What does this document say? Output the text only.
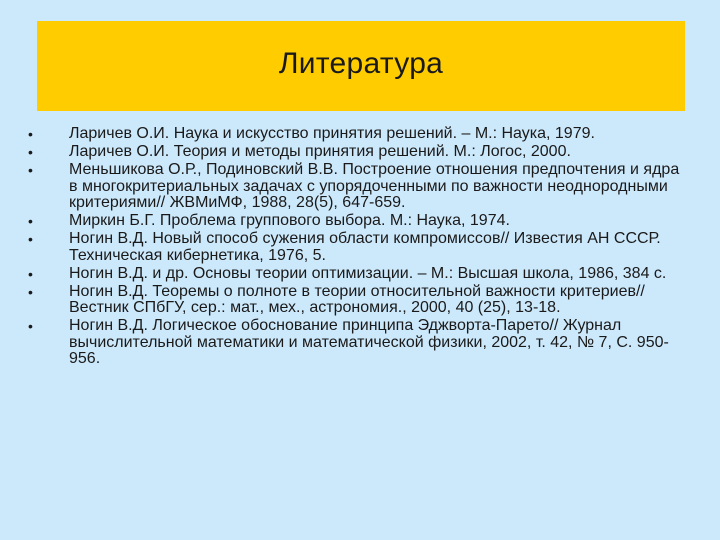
Литература
• Ларичев О.И. Наука и искусство принятия решений. – М.: Наука, 1979.
• Ларичев О.И. Теория и методы принятия решений. М.: Логос, 2000.
• Меньшикова О.Р., Подиновский В.В. Построение отношения предпочтения и ядра в многокритериальных задачах с упорядоченными по важности неоднородными критериями// ЖВМиМФ, 1988, 28(5), 647-659.
• Миркин Б.Г. Проблема группового выбора. М.: Наука, 1974.
• Ногин В.Д. Новый способ сужения области компромиссов// Известия АН СССР. Техническая кибернетика, 1976, 5.
• Ногин В.Д. и др. Основы теории оптимизации. – М.: Высшая школа, 1986, 384 с.
• Ногин В.Д. Теоремы о полноте в теории относительной важности критериев// Вестник СПбГУ, сер.: мат., мех., астрономия., 2000, 40 (25), 13-18.
• Ногин В.Д. Логическое обоснование принципа Эджворта-Парето// Журнал вычислительной математики и математической физики, 2002, т. 42, № 7, С. 950-956.
